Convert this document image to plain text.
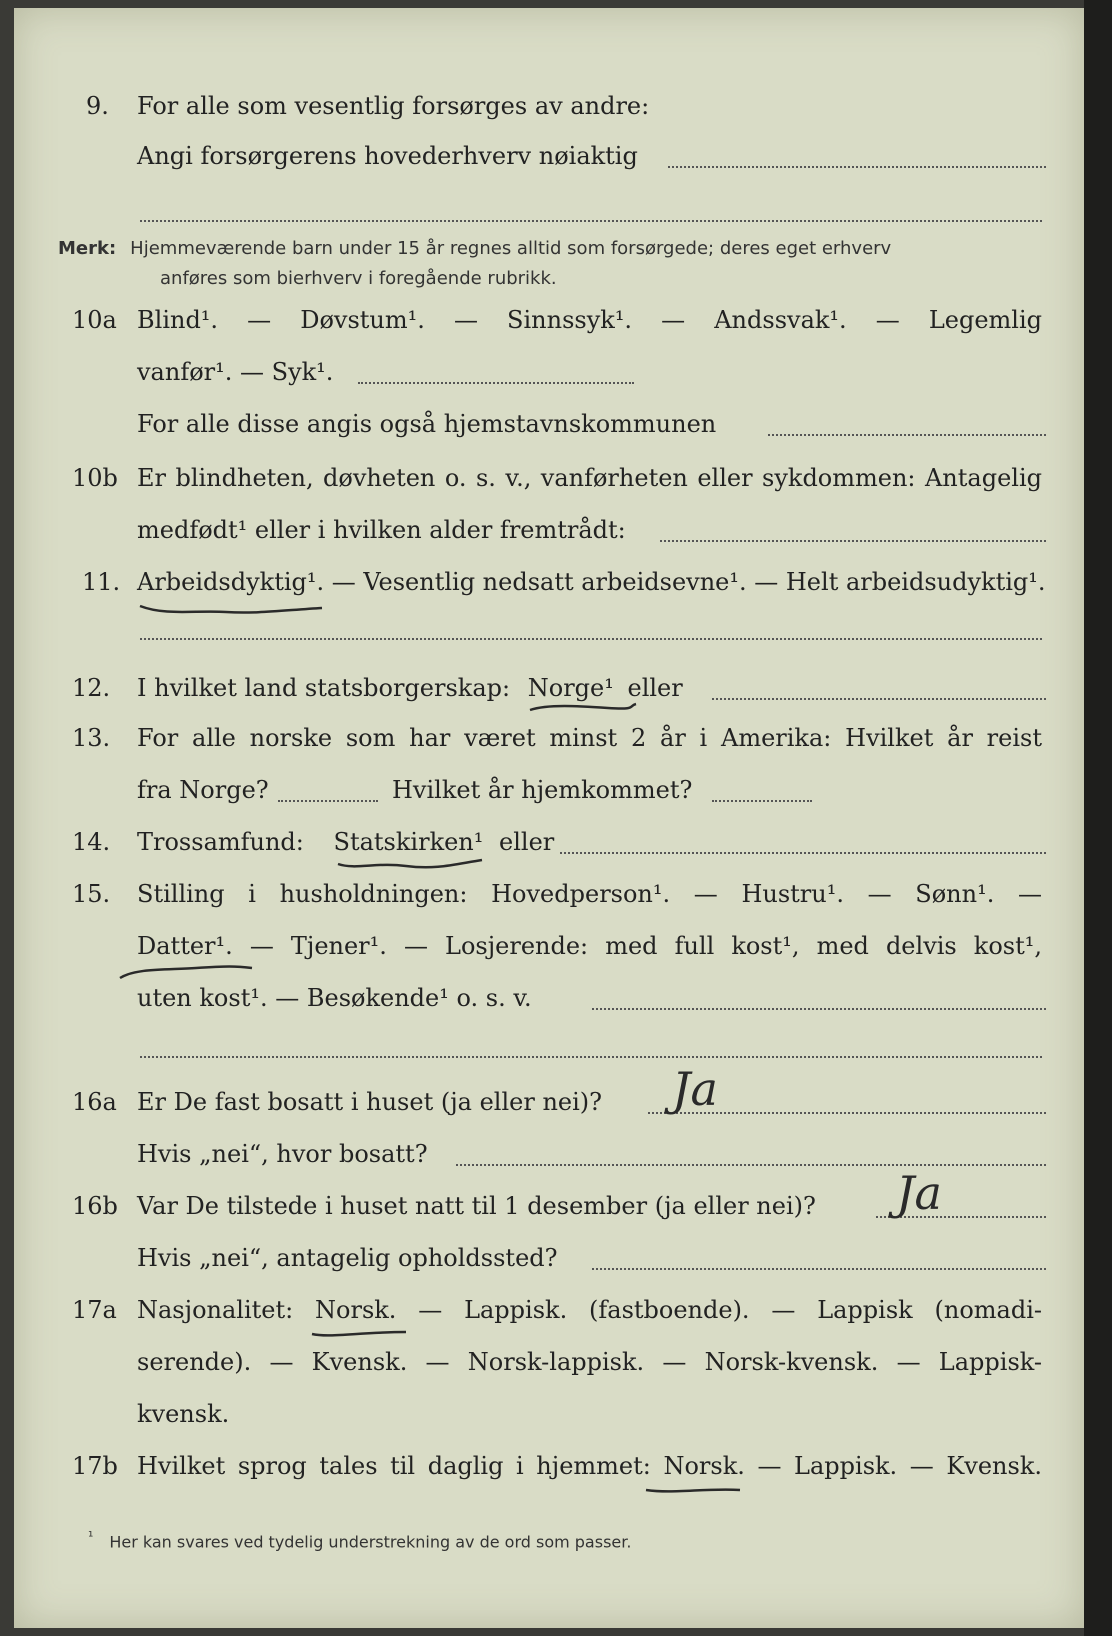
9. For alle som vesentlig forsørges av andre:
Angi forsørgerens hovederhverv nøiaktig
Merk: Hjemmeværende barn under 15 år regnes alltid som forsørgede; deres eget erhverv
anføres som bierhverv i foregående rubrikk.
10a Blind¹. — Døvstum¹. — Sinnssyk¹. — Andssvak¹. — Legemlig
vanfør¹. — Syk¹.
For alle disse angis også hjemstavnskommunen
10b Er blindheten, døvheten o. s. v., vanførheten eller sykdommen: Antagelig
medfødt¹ eller i hvilken alder fremtrådt:
11. Arbeidsdyktig¹. — Vesentlig nedsatt arbeidsevne¹. — Helt arbeidsudyktig¹.
12. I hvilket land statsborgerskap: Norge¹ eller
13. For alle norske som har været minst 2 år i Amerika: Hvilket år reist
fra Norge?	Hvilket år hjemkommet?
14. Trossamfund: Statskirken¹ eller
15. Stilling i husholdningen: Hovedperson¹. — Hustru¹. — Sønn¹. —
Datter¹. — Tjener¹. — Losjerende: med full kost¹, med delvis kost¹,
uten kost¹. — Besøkende¹ o. s. v.
16a Er De fast bosatt i huset (ja eller nei)? Ja
Hvis „nei“, hvor bosatt?
16b Var De tilstede i huset natt til 1 desember (ja eller nei)? Ja
Hvis „nei“, antagelig opholdssted?
17a Nasjonalitet: Norsk. — Lappisk. (fastboende). — Lappisk (nomadi-
serende). — Kvensk. — Norsk-lappisk. — Norsk-kvensk. — Lappisk-
kvensk.
17b Hvilket sprog tales til daglig i hjemmet: Norsk. — Lappisk. — Kvensk.
$^{^1}$ Her kan svares ved tydelig understrekning av de ord som passer.
